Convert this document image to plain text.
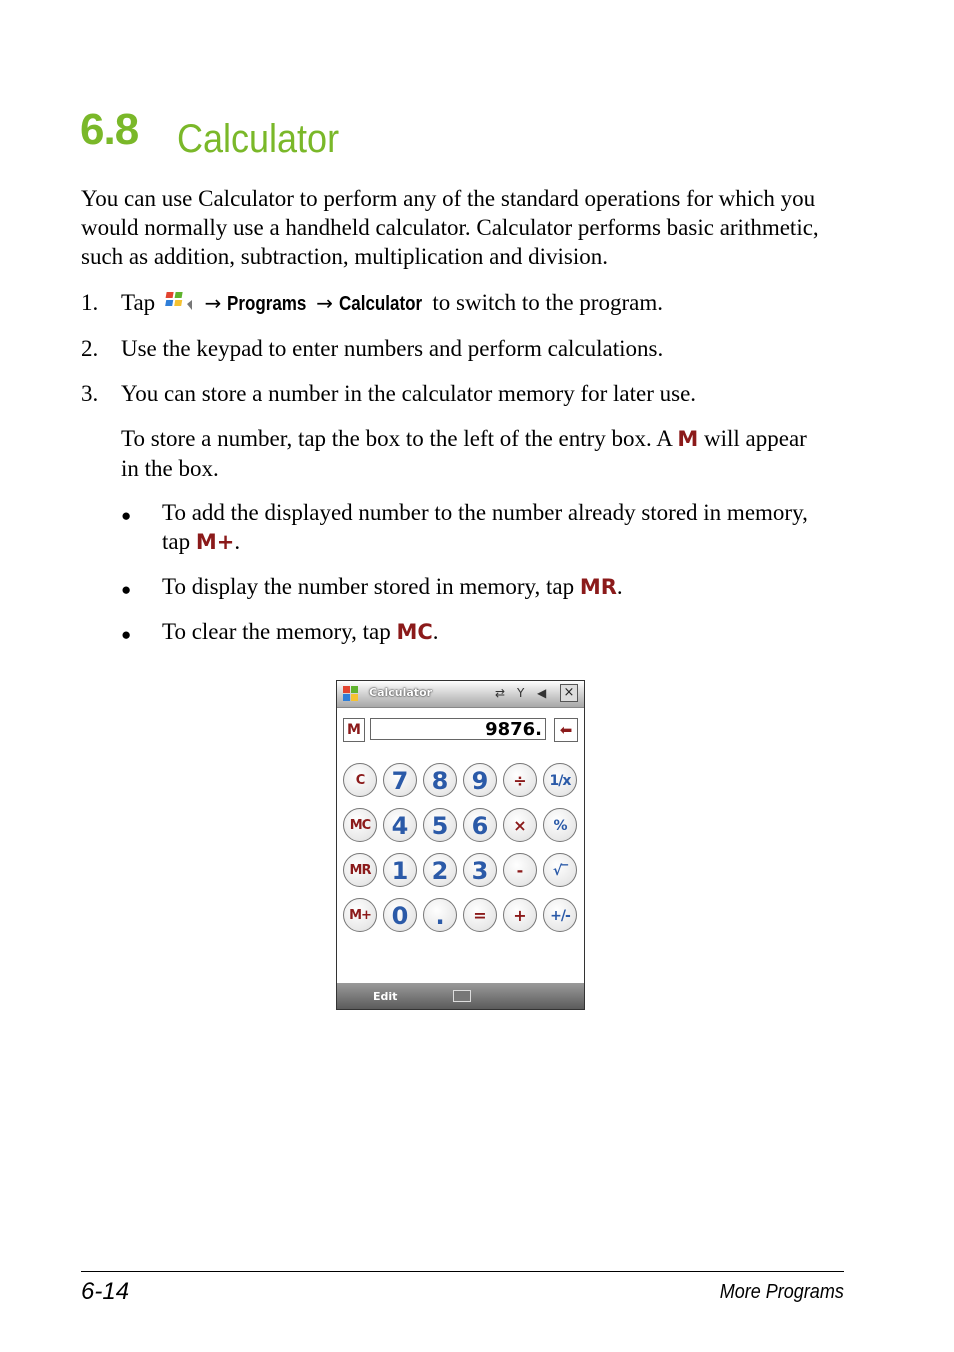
6.8 Calculator

You can use Calculator to perform any of the standard operations for which you would normally use a handheld calculator. Calculator performs basic arithmetic, such as addition, subtraction, multiplication and division.

1. Tap → Programs → Calculator to switch to the program.
2. Use the keypad to enter numbers and perform calculations.
3. You can store a number in the calculator memory for later use.
To store a number, tap the box to the left of the entry box. A M will appear in the box.
● To add the displayed number to the number already stored in memory, tap M+.
● To display the number stored in memory, tap MR.
● To clear the memory, tap MC.
Calculator	⇄ Y ◀ ×
M	9876.	⬅
C	7 8 9	÷	1/x
MC 4 5 6	×	%
MR 1 2 3	-	√‾
M+ 0	.	=	+	+/-
Edit
6-14	More Programs
